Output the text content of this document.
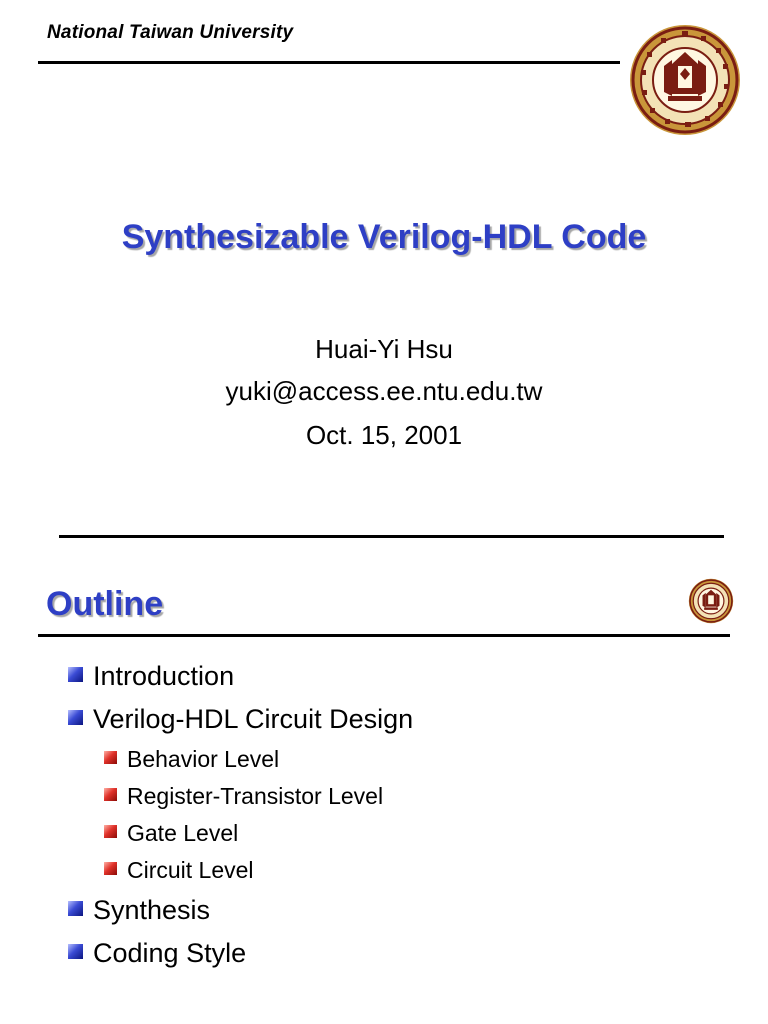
National Taiwan University
Synthesizable Verilog-HDL Code
Huai-Yi Hsu
yuki@access.ee.ntu.edu.tw
Oct. 15, 2001
Outline
Introduction
Verilog-HDL Circuit Design
Behavior Level
Register-Transistor Level
Gate Level
Circuit Level
Synthesis
Coding Style
